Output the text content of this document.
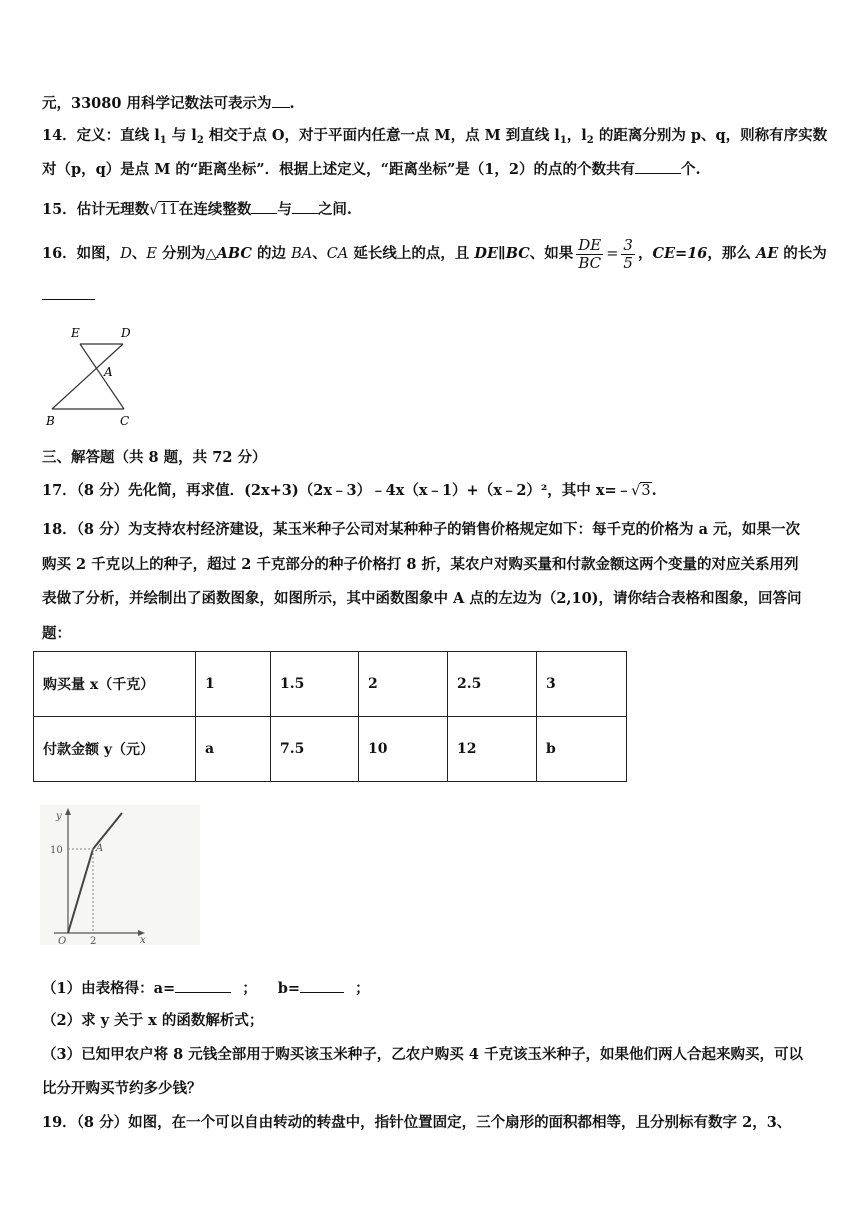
元，33080 用科学记数法可表示为 .
14．定义：直线 $l_1$ 与 $l_2$ 相交于点 O，对于平面内任意一点 M，点 M 到直线 $l_1$，$l_2$ 的距离分别为 p、q，则称有序实数
对（p，q）是点 M 的“距离坐标”．根据上述定义，“距离坐标”是（1，2）的点的个数共有	个.
15．估计无理数√11在连续整数 与 之间.
16．如图，D、E 分别为△ABC 的边 BA、CA 延长线上的点，且 DE∥BC、如果 $\frac{DE}{BC} = \frac{3}{5}$ ，CE=16，那么 AE 的长为
E	D
A
B	C
三、解答题（共 8 题，共 72 分）
17．（8 分）先化简，再求值．(2x+3)（2x﹣3）﹣4x（x﹣1）+（x﹣2）²，其中 x=﹣√3.
18．（8 分）为支持农村经济建设，某玉米种子公司对某种种子的销售价格规定如下：每千克的价格为 a 元，如果一次
购买 2 千克以上的种子，超过 2 千克部分的种子价格打 8 折，某农户对购买量和付款金额这两个变量的对应关系用列
表做了分析，并绘制出了函数图象，如图所示，其中函数图象中 A 点的左边为（2,10)，请你结合表格和图象，回答问
题：
购买量 x（千克）	1	1.5	2	2.5	3
付款金额 y（元）	a	7.5	10	12	b
y
x
O
10
2
A
（1）由表格得：a=	； b=	；
（2）求 y 关于 x 的函数解析式；
（3）已知甲农户将 8 元钱全部用于购买该玉米种子，乙农户购买 4 千克该玉米种子，如果他们两人合起来购买，可以
比分开购买节约多少钱？
19．（8 分）如图，在一个可以自由转动的转盘中，指针位置固定，三个扇形的面积都相等，且分别标有数字 2，3、
